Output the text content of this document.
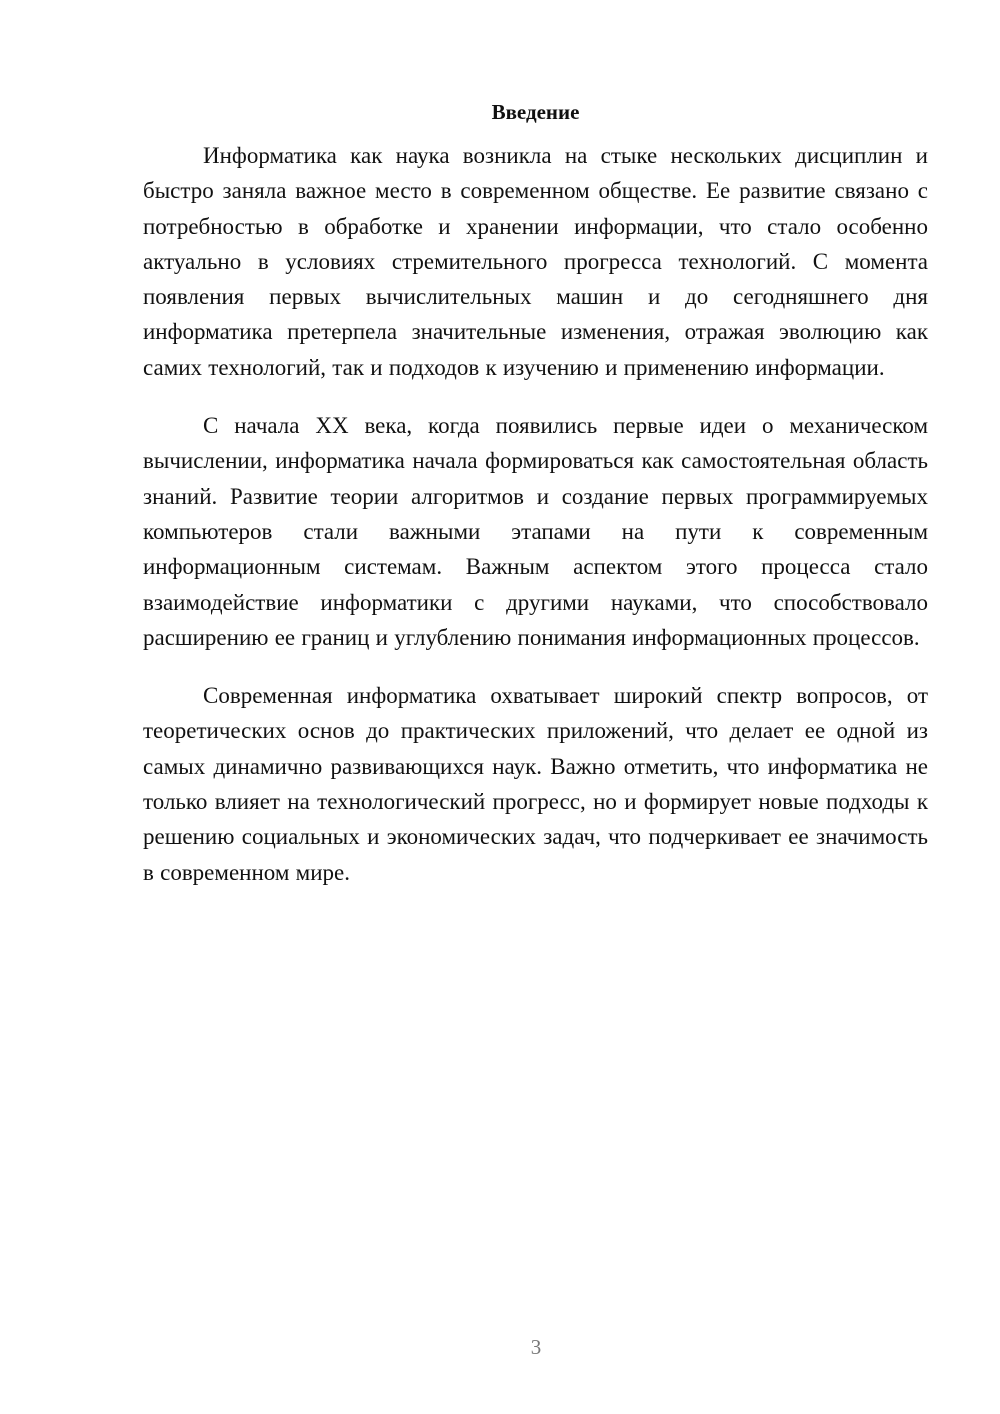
Введение

Информатика как наука возникла на стыке нескольких дисциплин и быстро заняла важное место в современном обществе. Ее развитие связано с потребностью в обработке и хранении информации, что стало особенно актуально в условиях стремительного прогресса технологий. С момента появления первых вычислительных машин и до сегодняшнего дня информатика претерпела значительные изменения, отражая эволюцию как самих технологий, так и подходов к изучению и применению информации.

С начала XX века, когда появились первые идеи о механическом вычислении, информатика начала формироваться как самостоятельная область знаний. Развитие теории алгоритмов и создание первых программируемых компьютеров стали важными этапами на пути к современным информационным системам. Важным аспектом этого процесса стало взаимодействие информатики с другими науками, что способствовало расширению ее границ и углублению понимания информационных процессов.

Современная информатика охватывает широкий спектр вопросов, от теоретических основ до практических приложений, что делает ее одной из самых динамично развивающихся наук. Важно отметить, что информатика не только влияет на технологический прогресс, но и формирует новые подходы к решению социальных и экономических задач, что подчеркивает ее значимость в современном мире.

3
